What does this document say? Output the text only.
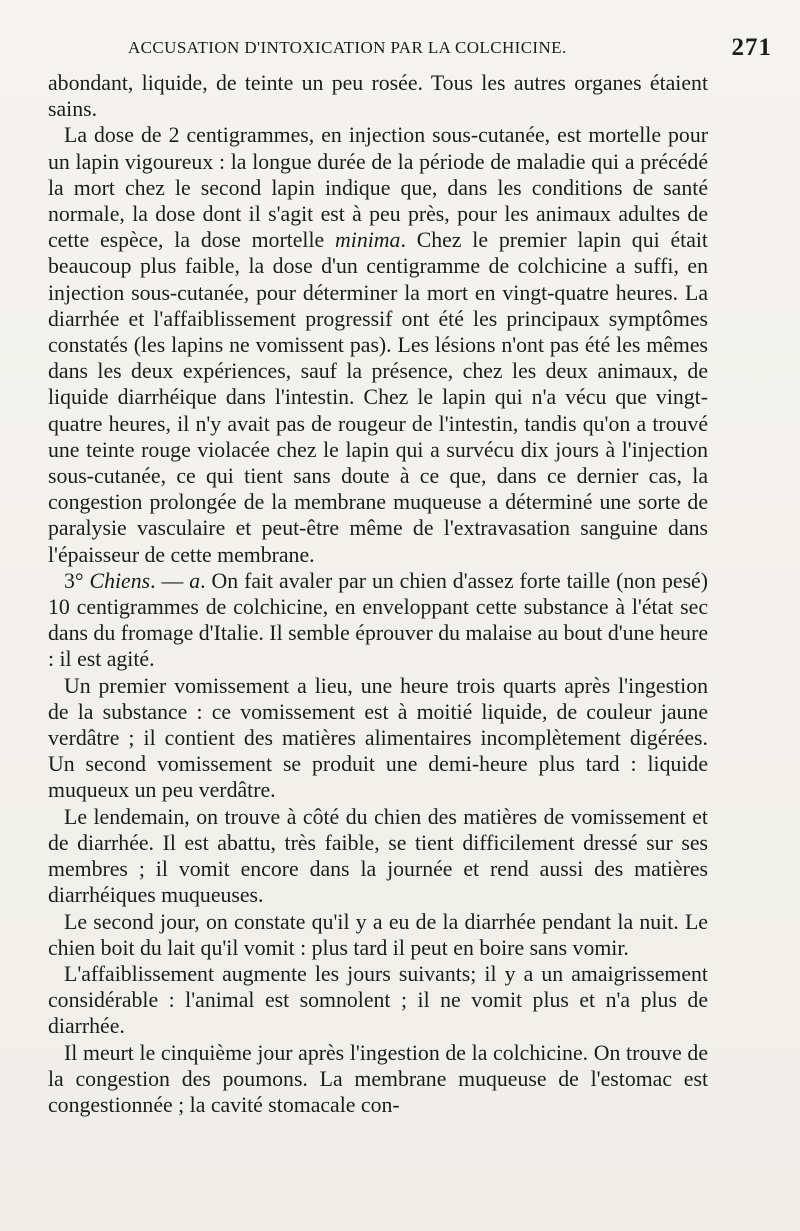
ACCUSATION D'INTOXICATION PAR LA COLCHICINE.	271

abondant, liquide, de teinte un peu rosée. Tous les autres organes étaient sains.

La dose de 2 centigrammes, en injection sous-cutanée, est mortelle pour un lapin vigoureux : la longue durée de la période de maladie qui a précédé la mort chez le second lapin indique que, dans les conditions de santé normale, la dose dont il s'agit est à peu près, pour les animaux adultes de cette espèce, la dose mortelle minima. Chez le premier lapin qui était beaucoup plus faible, la dose d'un centigramme de colchicine a suffi, en injection sous-cutanée, pour déterminer la mort en vingt-quatre heures. La diarrhée et l'affaiblissement progressif ont été les principaux symptômes constatés (les lapins ne vomissent pas). Les lésions n'ont pas été les mêmes dans les deux expériences, sauf la présence, chez les deux animaux, de liquide diarrhéique dans l'intestin. Chez le lapin qui n'a vécu que vingt-quatre heures, il n'y avait pas de rougeur de l'intestin, tandis qu'on a trouvé une teinte rouge violacée chez le lapin qui a survécu dix jours à l'injection sous-cutanée, ce qui tient sans doute à ce que, dans ce dernier cas, la congestion prolongée de la membrane muqueuse a déterminé une sorte de paralysie vasculaire et peut-être même de l'extravasation sanguine dans l'épaisseur de cette membrane.

3° Chiens. — a. On fait avaler par un chien d'assez forte taille (non pesé) 10 centigrammes de colchicine, en enveloppant cette substance à l'état sec dans du fromage d'Italie. Il semble éprouver du malaise au bout d'une heure : il est agité.

Un premier vomissement a lieu, une heure trois quarts après l'ingestion de la substance : ce vomissement est à moitié liquide, de couleur jaune verdâtre ; il contient des matières alimentaires incomplètement digérées. Un second vomissement se produit une demi-heure plus tard : liquide muqueux un peu verdâtre.

Le lendemain, on trouve à côté du chien des matières de vomissement et de diarrhée. Il est abattu, très faible, se tient difficilement dressé sur ses membres ; il vomit encore dans la journée et rend aussi des matières diarrhéiques muqueuses.

Le second jour, on constate qu'il y a eu de la diarrhée pendant la nuit. Le chien boit du lait qu'il vomit : plus tard il peut en boire sans vomir.

L'affaiblissement augmente les jours suivants; il y a un amaigrissement considérable : l'animal est somnolent ; il ne vomit plus et n'a plus de diarrhée.

Il meurt le cinquième jour après l'ingestion de la colchicine. On trouve de la congestion des poumons. La membrane muqueuse de l'estomac est congestionnée ; la cavité stomacale con-
